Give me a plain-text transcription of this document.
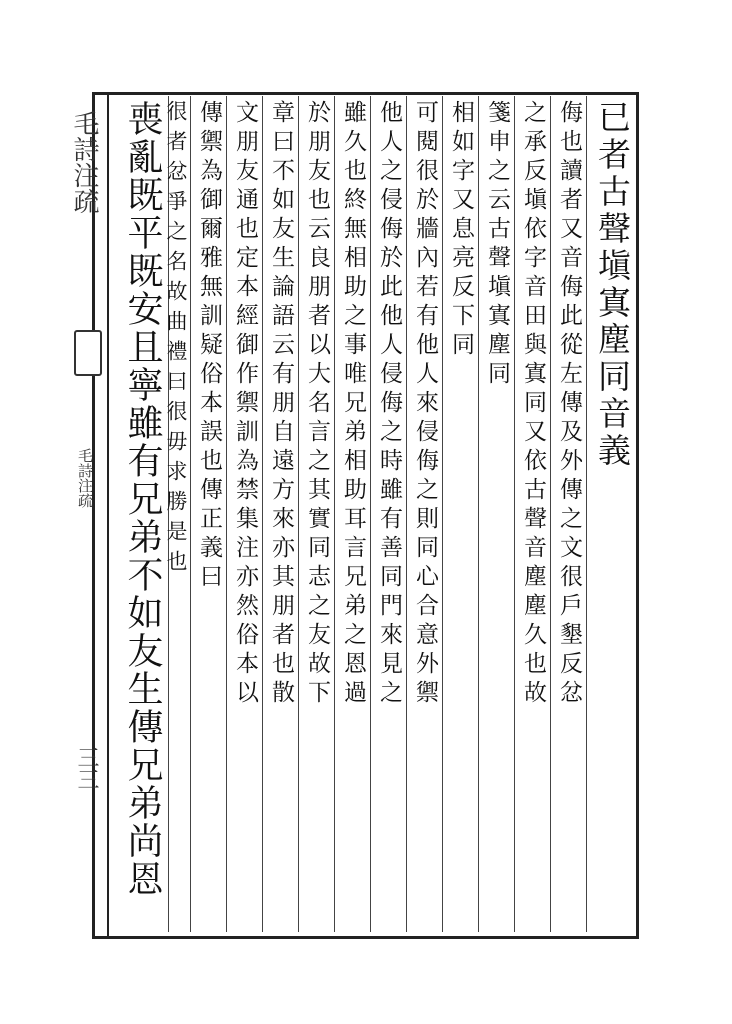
毛詩注疏
毛詩注疏
三三
已者古聲塡寘塵同音義
侮也讀者又音侮此從左傳及外傳之文很戶墾反忿
之承反塡依字音田與寘同又依古聲音塵塵久也故
箋申之云古聲塡寘塵同
相如字又息亮反下同
可閱很於牆內若有他人來侵侮之則同心合意外禦
他人之侵侮於此他人侵侮之時雖有善同門來見之
雖久也終無相助之事唯兄弟相助耳言兄弟之恩過
於朋友也云良朋者以大名言之其實同志之友故下
章曰不如友生論語云有朋自遠方來亦其朋者也散
文朋友通也定本經御作禦訓為禁集注亦然俗本以
傳禦為御爾雅無訓疑俗本誤也傳正義曰
很者忿爭之名故曲禮曰很毋求勝是也
喪亂既平既安且寧雖有兄弟不如友生傳兄弟尚恩
